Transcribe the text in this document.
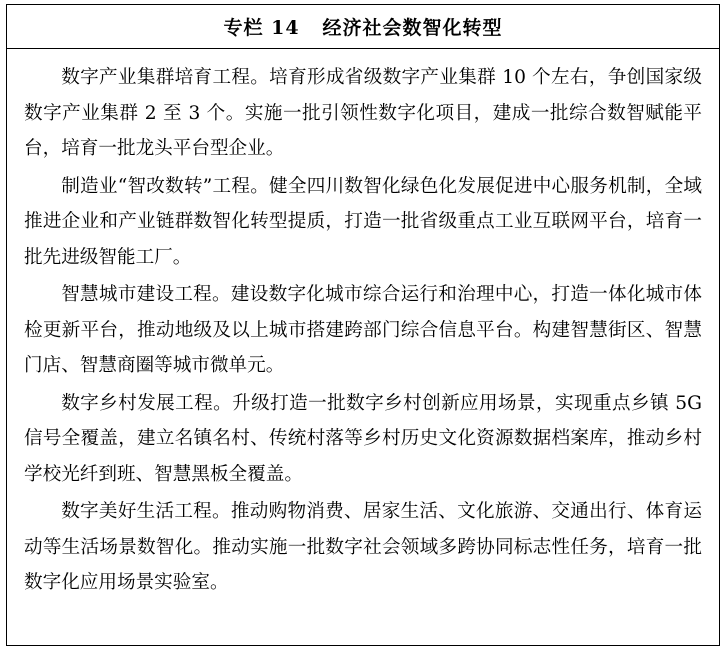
专栏 14   经济社会数智化转型

数字产业集群培育工程。培育形成省级数字产业集群 10 个左右，争创国家级数字产业集群 2 至 3 个。实施一批引领性数字化项目，建成一批综合数智赋能平台，培育一批龙头平台型企业。

制造业“智改数转”工程。健全四川数智化绿色化发展促进中心服务机制，全域推进企业和产业链群数智化转型提质，打造一批省级重点工业互联网平台，培育一批先进级智能工厂。

智慧城市建设工程。建设数字化城市综合运行和治理中心，打造一体化城市体检更新平台，推动地级及以上城市搭建跨部门综合信息平台。构建智慧街区、智慧门店、智慧商圈等城市微单元。

数字乡村发展工程。升级打造一批数字乡村创新应用场景，实现重点乡镇 5G 信号全覆盖，建立名镇名村、传统村落等乡村历史文化资源数据档案库，推动乡村学校光纤到班、智慧黑板全覆盖。

数字美好生活工程。推动购物消费、居家生活、文化旅游、交通出行、体育运动等生活场景数智化。推动实施一批数字社会领域多跨协同标志性任务，培育一批数字化应用场景实验室。
